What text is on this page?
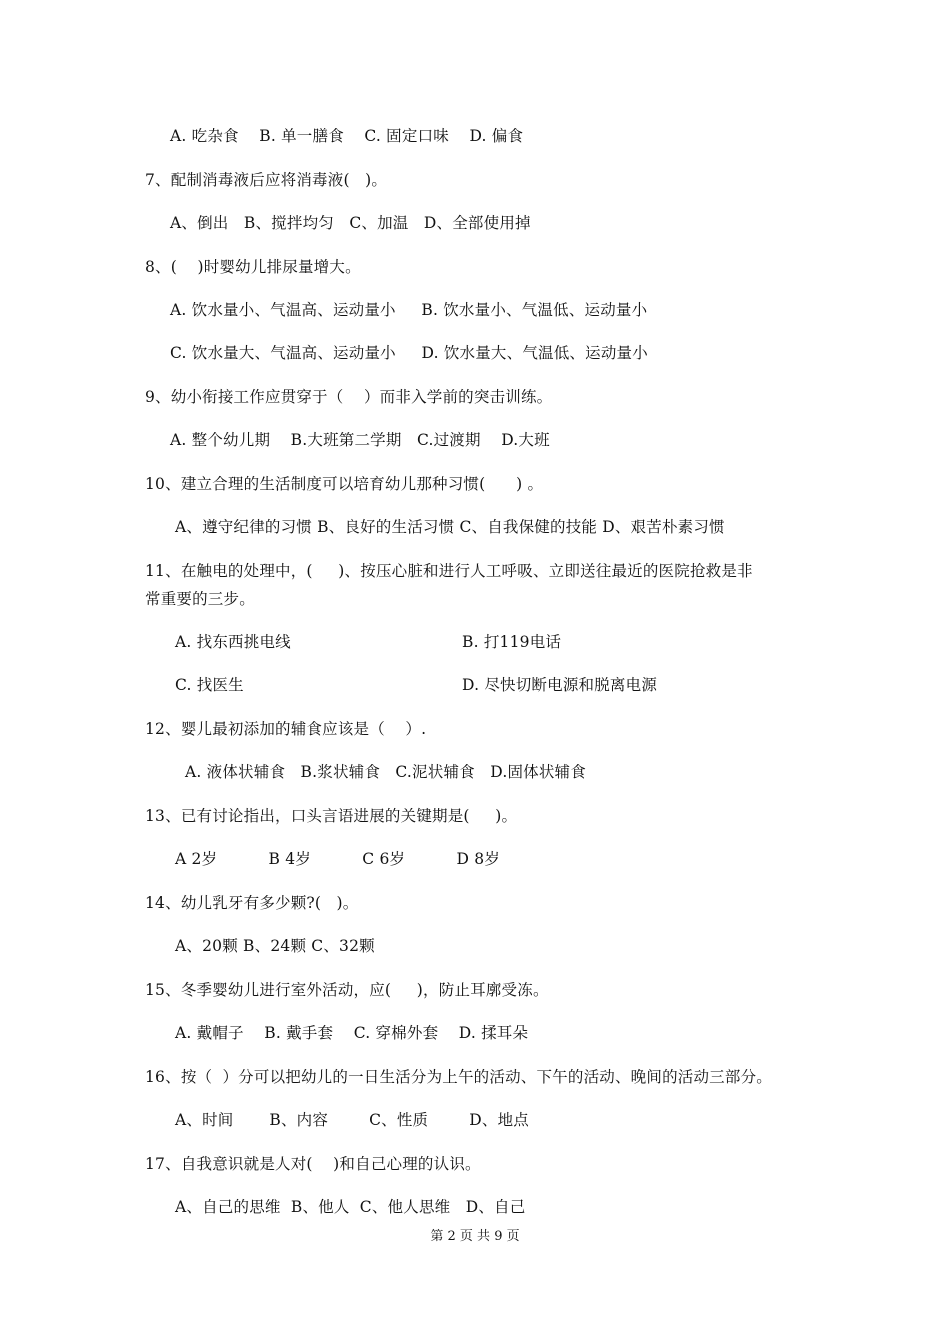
A. 吃杂食    B. 单一膳食    C. 固定口味    D. 偏食
7、配制消毒液后应将消毒液(   )。
A、倒出   B、搅拌均匀   C、加温   D、全部使用掉
8、(    )时婴幼儿排尿量增大。
A. 饮水量小、气温高、运动量小     B. 饮水量小、气温低、运动量小
C. 饮水量大、气温高、运动量小     D. 饮水量大、气温低、运动量小
9、幼小衔接工作应贯穿于（    ）而非入学前的突击训练。
A. 整个幼儿期    B.大班第二学期   C.过渡期    D.大班
10、建立合理的生活制度可以培育幼儿那种习惯(      ) 。
A、遵守纪律的习惯 B、良好的生活习惯 C、自我保健的技能 D、艰苦朴素习惯
11、在触电的处理中，(     )、按压心脏和进行人工呼吸、立即送往最近的医院抢救是非
常重要的三步。
A. 找东西挑电线	B. 打119电话
C. 找医生	D. 尽快切断电源和脱离电源
12、婴儿最初添加的辅食应该是（    ）.
A. 液体状辅食   B.浆状辅食   C.泥状辅食   D.固体状辅食
13、已有讨论指出，口头言语进展的关键期是(     )。
A 2岁          B 4岁          C 6岁          D 8岁
14、幼儿乳牙有多少颗?(   )。
A、20颗 B、24颗 C、32颗
15、冬季婴幼儿进行室外活动，应(     )，防止耳廓受冻。
A. 戴帽子    B. 戴手套    C. 穿棉外套    D. 揉耳朵
16、按（  ）分可以把幼儿的一日生活分为上午的活动、下午的活动、晚间的活动三部分。
A、时间       B、内容        C、性质        D、地点
17、自我意识就是人对(    )和自己心理的认识。
A、自己的思维  B、他人  C、他人思维   D、自己
第 2 页 共 9 页
